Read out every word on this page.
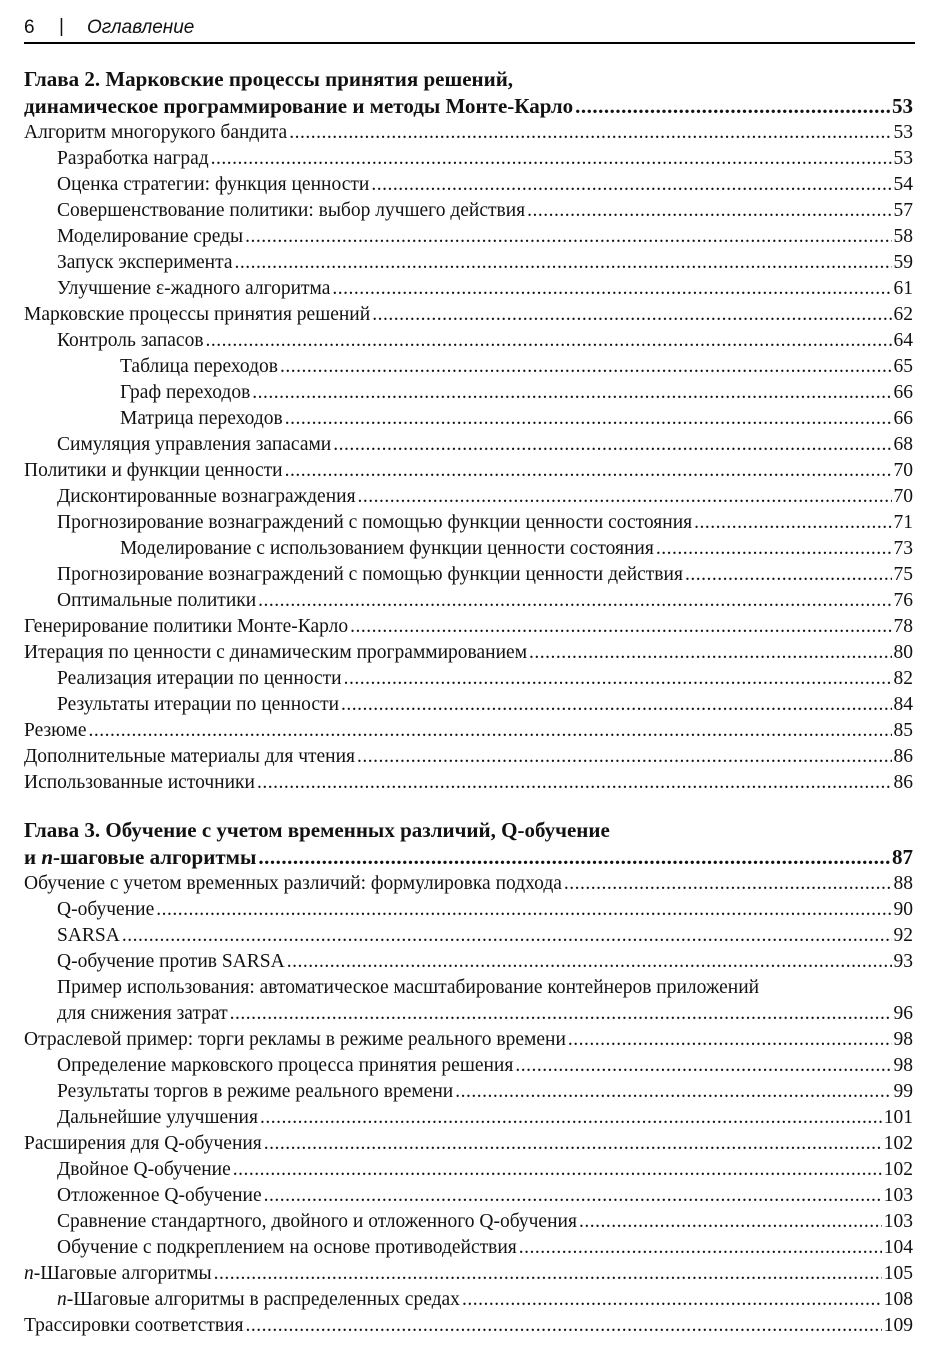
6 | Оглавление
Глава 2. Марковские процессы принятия решений,
динамическое программирование и методы Монте-Карло .....	53
Алгоритм многорукого бандита .....	53
Разработка наград .....	53
Оценка стратегии: функция ценности .....	54
Совершенствование политики: выбор лучшего действия .....	57
Моделирование среды .....	58
Запуск эксперимента .....	59
Улучшение ε-жадного алгоритма .....	61
Марковские процессы принятия решений .....	62
Контроль запасов .....	64
Таблица переходов .....	65
Граф переходов .....	66
Матрица переходов .....	66
Симуляция управления запасами .....	68
Политики и функции ценности .....	70
Дисконтированные вознаграждения .....	70
Прогнозирование вознаграждений с помощью функции ценности состояния .....	71
Моделирование с использованием функции ценности состояния .....	73
Прогнозирование вознаграждений с помощью функции ценности действия .....	75
Оптимальные политики .....	76
Генерирование политики Монте-Карло .....	78
Итерация по ценности с динамическим программированием .....	80
Реализация итерации по ценности .....	82
Результаты итерации по ценности .....	84
Резюме .....	85
Дополнительные материалы для чтения .....	86
Использованные источники .....	86
Глава 3. Обучение с учетом временных различий, Q-обучение
и n-шаговые алгоритмы .....	87
Обучение с учетом временных различий: формулировка подхода .....	88
Q-обучение .....	90
SARSA .....	92
Q-обучение против SARSA .....	93
Пример использования: автоматическое масштабирование контейнеров приложений
для снижения затрат .....	96
Отраслевой пример: торги рекламы в режиме реального времени .....	98
Определение марковского процесса принятия решения .....	98
Результаты торгов в режиме реального времени .....	99
Дальнейшие улучшения .....	101
Расширения для Q-обучения .....	102
Двойное Q-обучение .....	102
Отложенное Q-обучение .....	103
Сравнение стандартного, двойного и отложенного Q-обучения .....	103
Обучение с подкреплением на основе противодействия .....	104
n-Шаговые алгоритмы .....	105
n-Шаговые алгоритмы в распределенных средах .....	108
Трассировки соответствия .....	109
